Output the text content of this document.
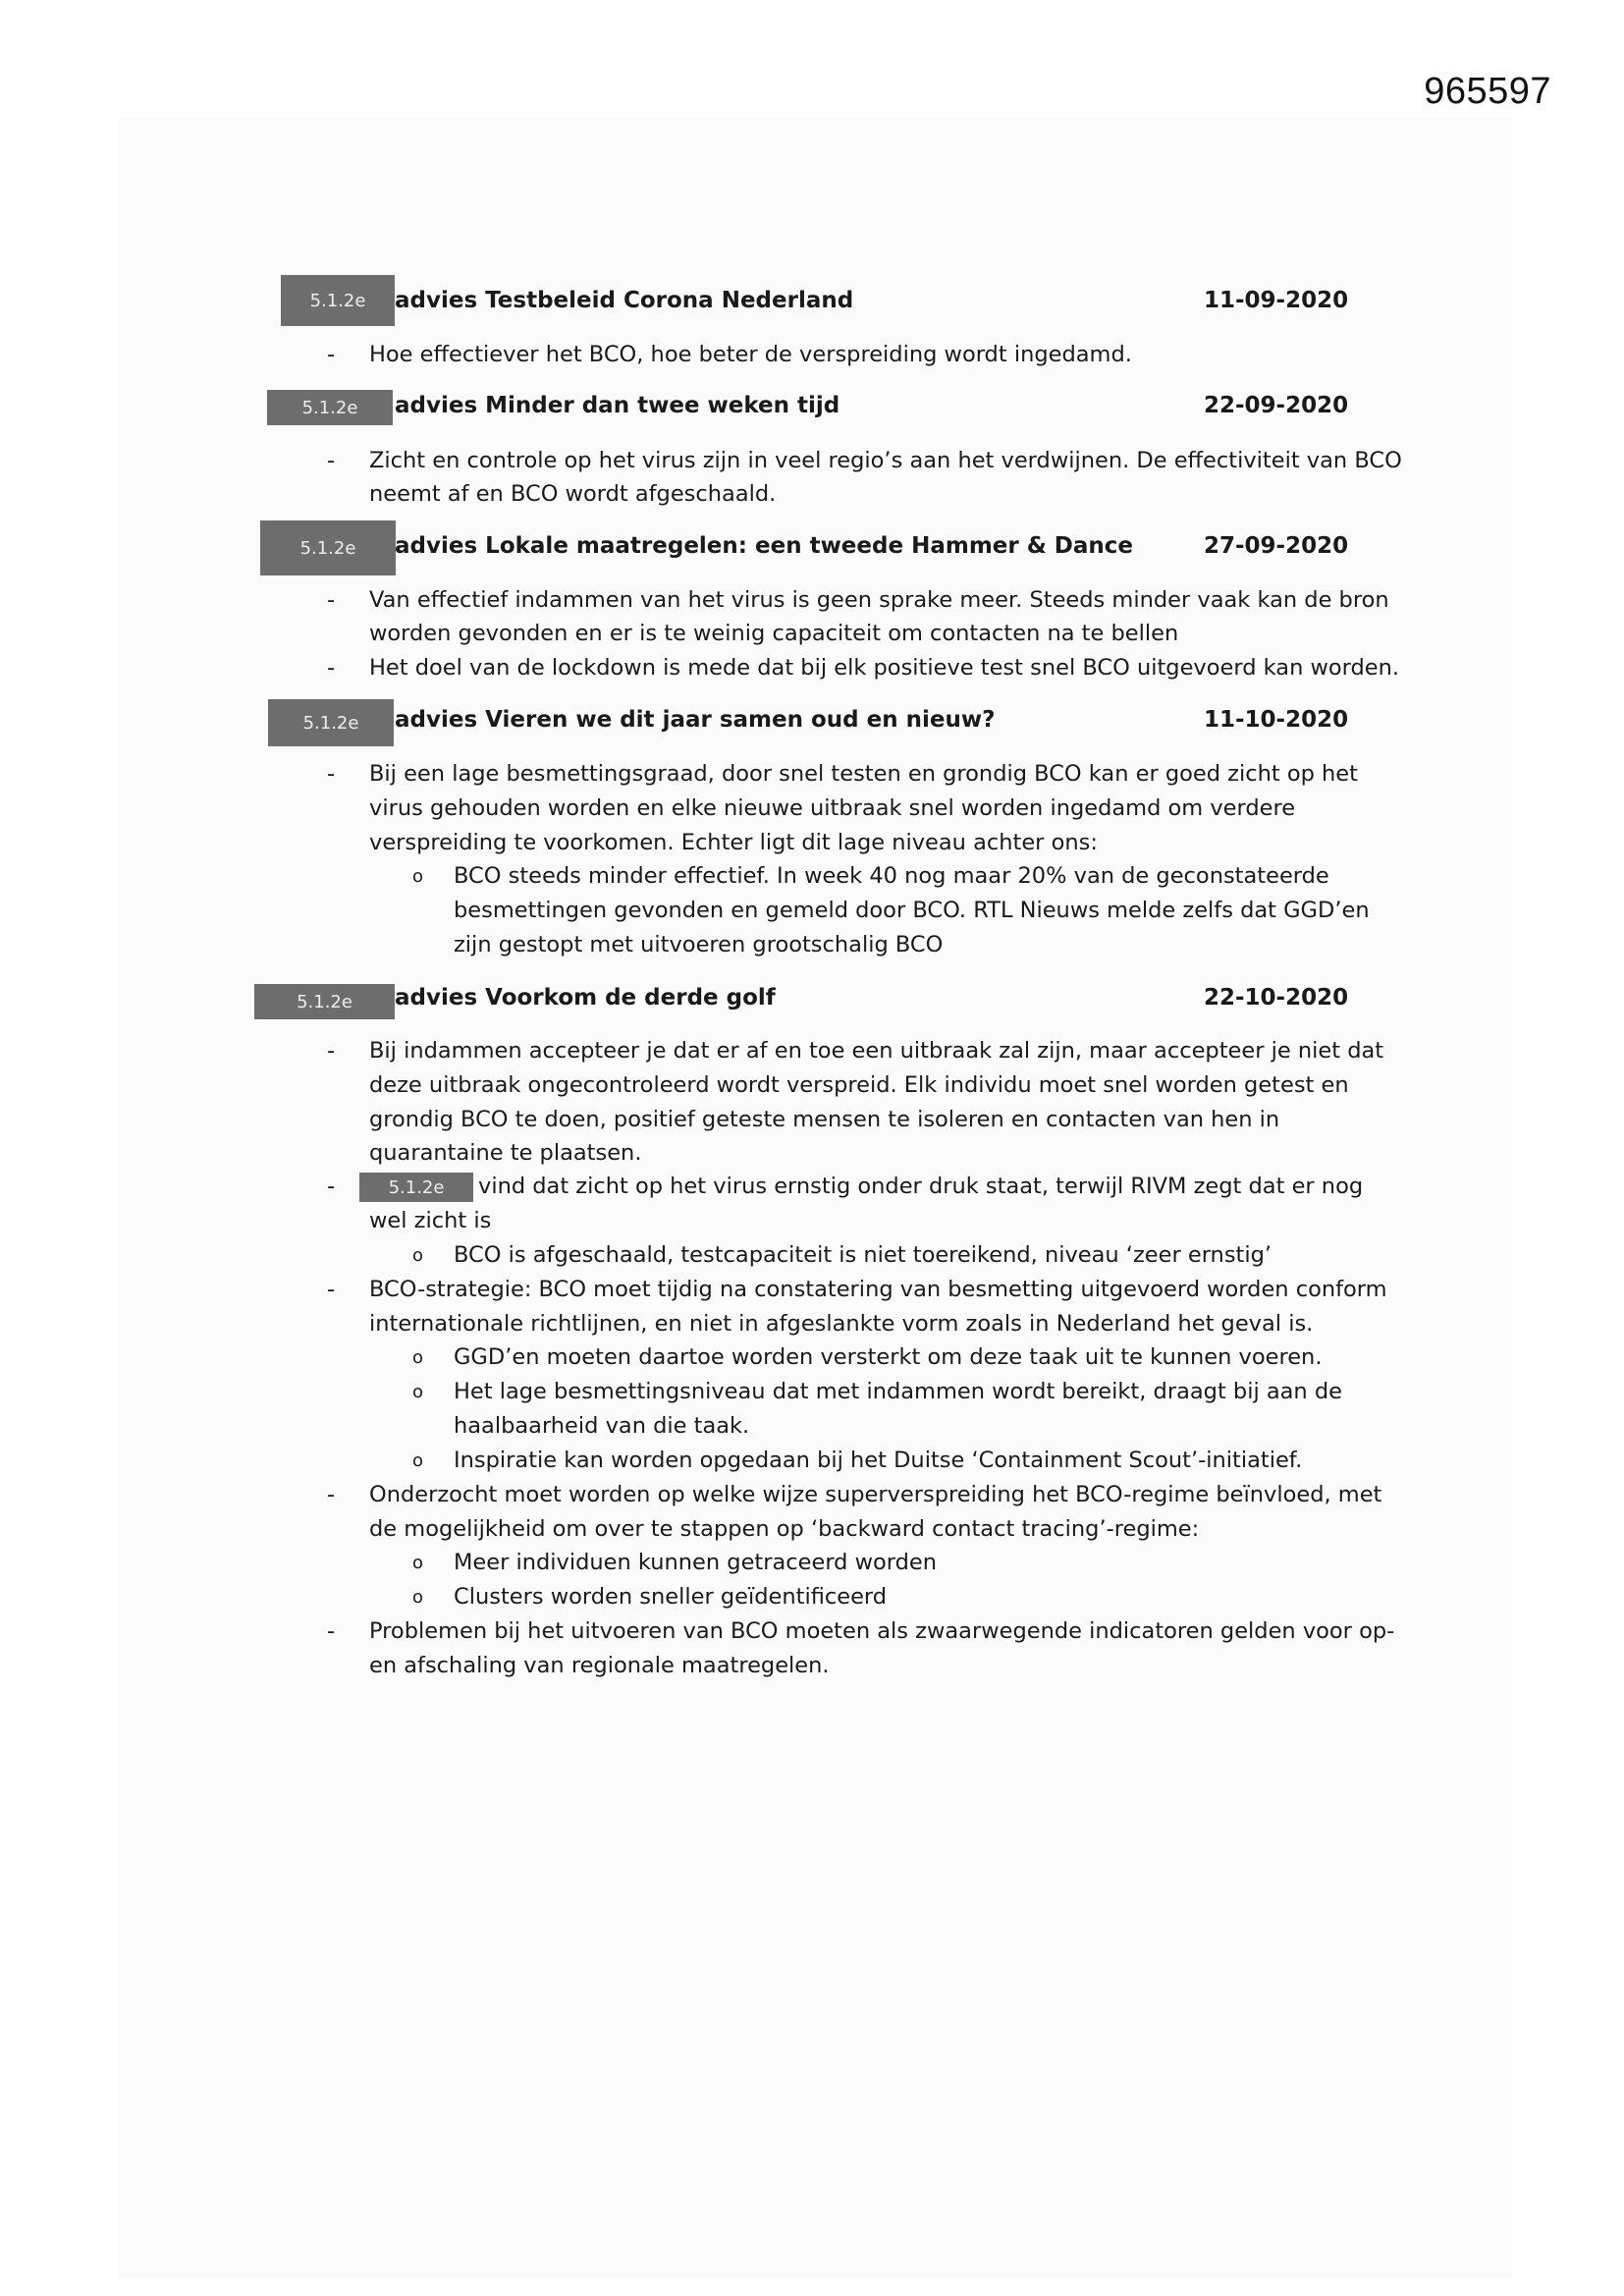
965597
5.1.2e	advies Testbeleid Corona Nederland	11-09-2020
- Hoe effectiever het BCO, hoe beter de verspreiding wordt ingedamd.
5.1.2e	advies Minder dan twee weken tijd	22-09-2020
- Zicht en controle op het virus zijn in veel regio’s aan het verdwijnen. De effectiviteit van BCO
neemt af en BCO wordt afgeschaald.
5.1.2e	advies Lokale maatregelen: een tweede Hammer & Dance	27-09-2020
- Van effectief indammen van het virus is geen sprake meer. Steeds minder vaak kan de bron
worden gevonden en er is te weinig capaciteit om contacten na te bellen
- Het doel van de lockdown is mede dat bij elk positieve test snel BCO uitgevoerd kan worden.
5.1.2e	advies Vieren we dit jaar samen oud en nieuw?	11-10-2020
- Bij een lage besmettingsgraad, door snel testen en grondig BCO kan er goed zicht op het
virus gehouden worden en elke nieuwe uitbraak snel worden ingedamd om verdere
verspreiding te voorkomen. Echter ligt dit lage niveau achter ons:
o BCO steeds minder effectief. In week 40 nog maar 20% van de geconstateerde
besmettingen gevonden en gemeld door BCO. RTL Nieuws melde zelfs dat GGD’en
zijn gestopt met uitvoeren grootschalig BCO
5.1.2e	advies Voorkom de derde golf	22-10-2020
- Bij indammen accepteer je dat er af en toe een uitbraak zal zijn, maar accepteer je niet dat
deze uitbraak ongecontroleerd wordt verspreid. Elk individu moet snel worden getest en
grondig BCO te doen, positief geteste mensen te isoleren en contacten van hen in
quarantaine te plaatsen.
-	5.1.2e	vind dat zicht op het virus ernstig onder druk staat, terwijl RIVM zegt dat er nog
wel zicht is
o BCO is afgeschaald, testcapaciteit is niet toereikend, niveau ‘zeer ernstig’
- BCO-strategie: BCO moet tijdig na constatering van besmetting uitgevoerd worden conform
internationale richtlijnen, en niet in afgeslankte vorm zoals in Nederland het geval is.
o GGD’en moeten daartoe worden versterkt om deze taak uit te kunnen voeren.
o Het lage besmettingsniveau dat met indammen wordt bereikt, draagt bij aan de
haalbaarheid van die taak.
o Inspiratie kan worden opgedaan bij het Duitse ‘Containment Scout’-initiatief.
- Onderzocht moet worden op welke wijze superverspreiding het BCO-regime beïnvloed, met
de mogelijkheid om over te stappen op ‘backward contact tracing’-regime:
o Meer individuen kunnen getraceerd worden
o Clusters worden sneller geïdentificeerd
- Problemen bij het uitvoeren van BCO moeten als zwaarwegende indicatoren gelden voor op-
en afschaling van regionale maatregelen.
